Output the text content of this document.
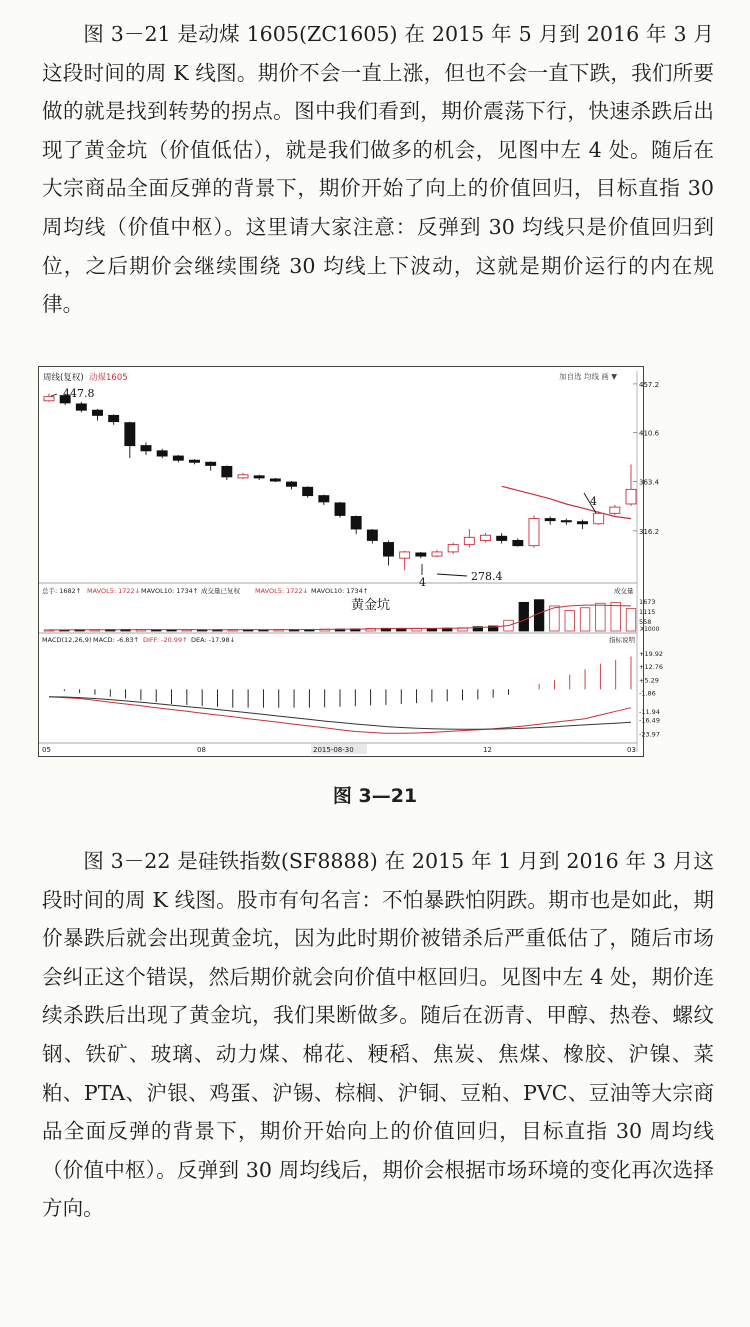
图 3－21 是动煤 1605(ZC1605) 在 2015 年 5 月到 2016 年 3 月这段时间的周 K 线图。期价不会一直上涨，但也不会一直下跌，我们所要做的就是找到转势的拐点。图中我们看到，期价震荡下行，快速杀跌后出现了黄金坑（价值低估），就是我们做多的机会，见图中左 4 处。随后在大宗商品全面反弹的背景下，期价开始了向上的价值回归，目标直指 30 周均线（价值中枢）。这里请大家注意：反弹到 30 均线只是价值回归到位，之后期价会继续围绕 30 均线上下波动，这就是期价运行的内在规律。

周线(复权) 动煤1605	加自选 均线 画 ▼
457.2
410.6
363.4
316.2
447.8
4	278.4
黄金坑
4
总手: 1682↑ MAVOL5: 1722↓ MAVOL10: 1734↑ 成交量已复权 MAVOL5: 1722↓ MAVOL10: 1734↑	成交量
1673
1115
558
X1000
MACD(12,26,9) MACD: -6.83↑ DIFF: -20.99↑ DEA: -17.98↓	指标说明
+19.92
+12.76
+5.29
-1.86
-11.94
-16.49
-23.97
05	08	2015-08-30	12	03
图 3—21

图 3－22 是硅铁指数(SF8888) 在 2015 年 1 月到 2016 年 3 月这段时间的周 K 线图。股市有句名言：不怕暴跌怕阴跌。期市也是如此，期价暴跌后就会出现黄金坑，因为此时期价被错杀后严重低估了，随后市场会纠正这个错误，然后期价就会向价值中枢回归。见图中左 4 处，期价连续杀跌后出现了黄金坑，我们果断做多。随后在沥青、甲醇、热卷、螺纹钢、铁矿、玻璃、动力煤、棉花、粳稻、焦炭、焦煤、橡胶、沪镍、菜粕、PTA、沪银、鸡蛋、沪锡、棕榈、沪铜、豆粕、PVC、豆油等大宗商品全面反弹的背景下，期价开始向上的价值回归，目标直指 30 周均线（价值中枢）。反弹到 30 周均线后，期价会根据市场环境的变化再次选择方向。
